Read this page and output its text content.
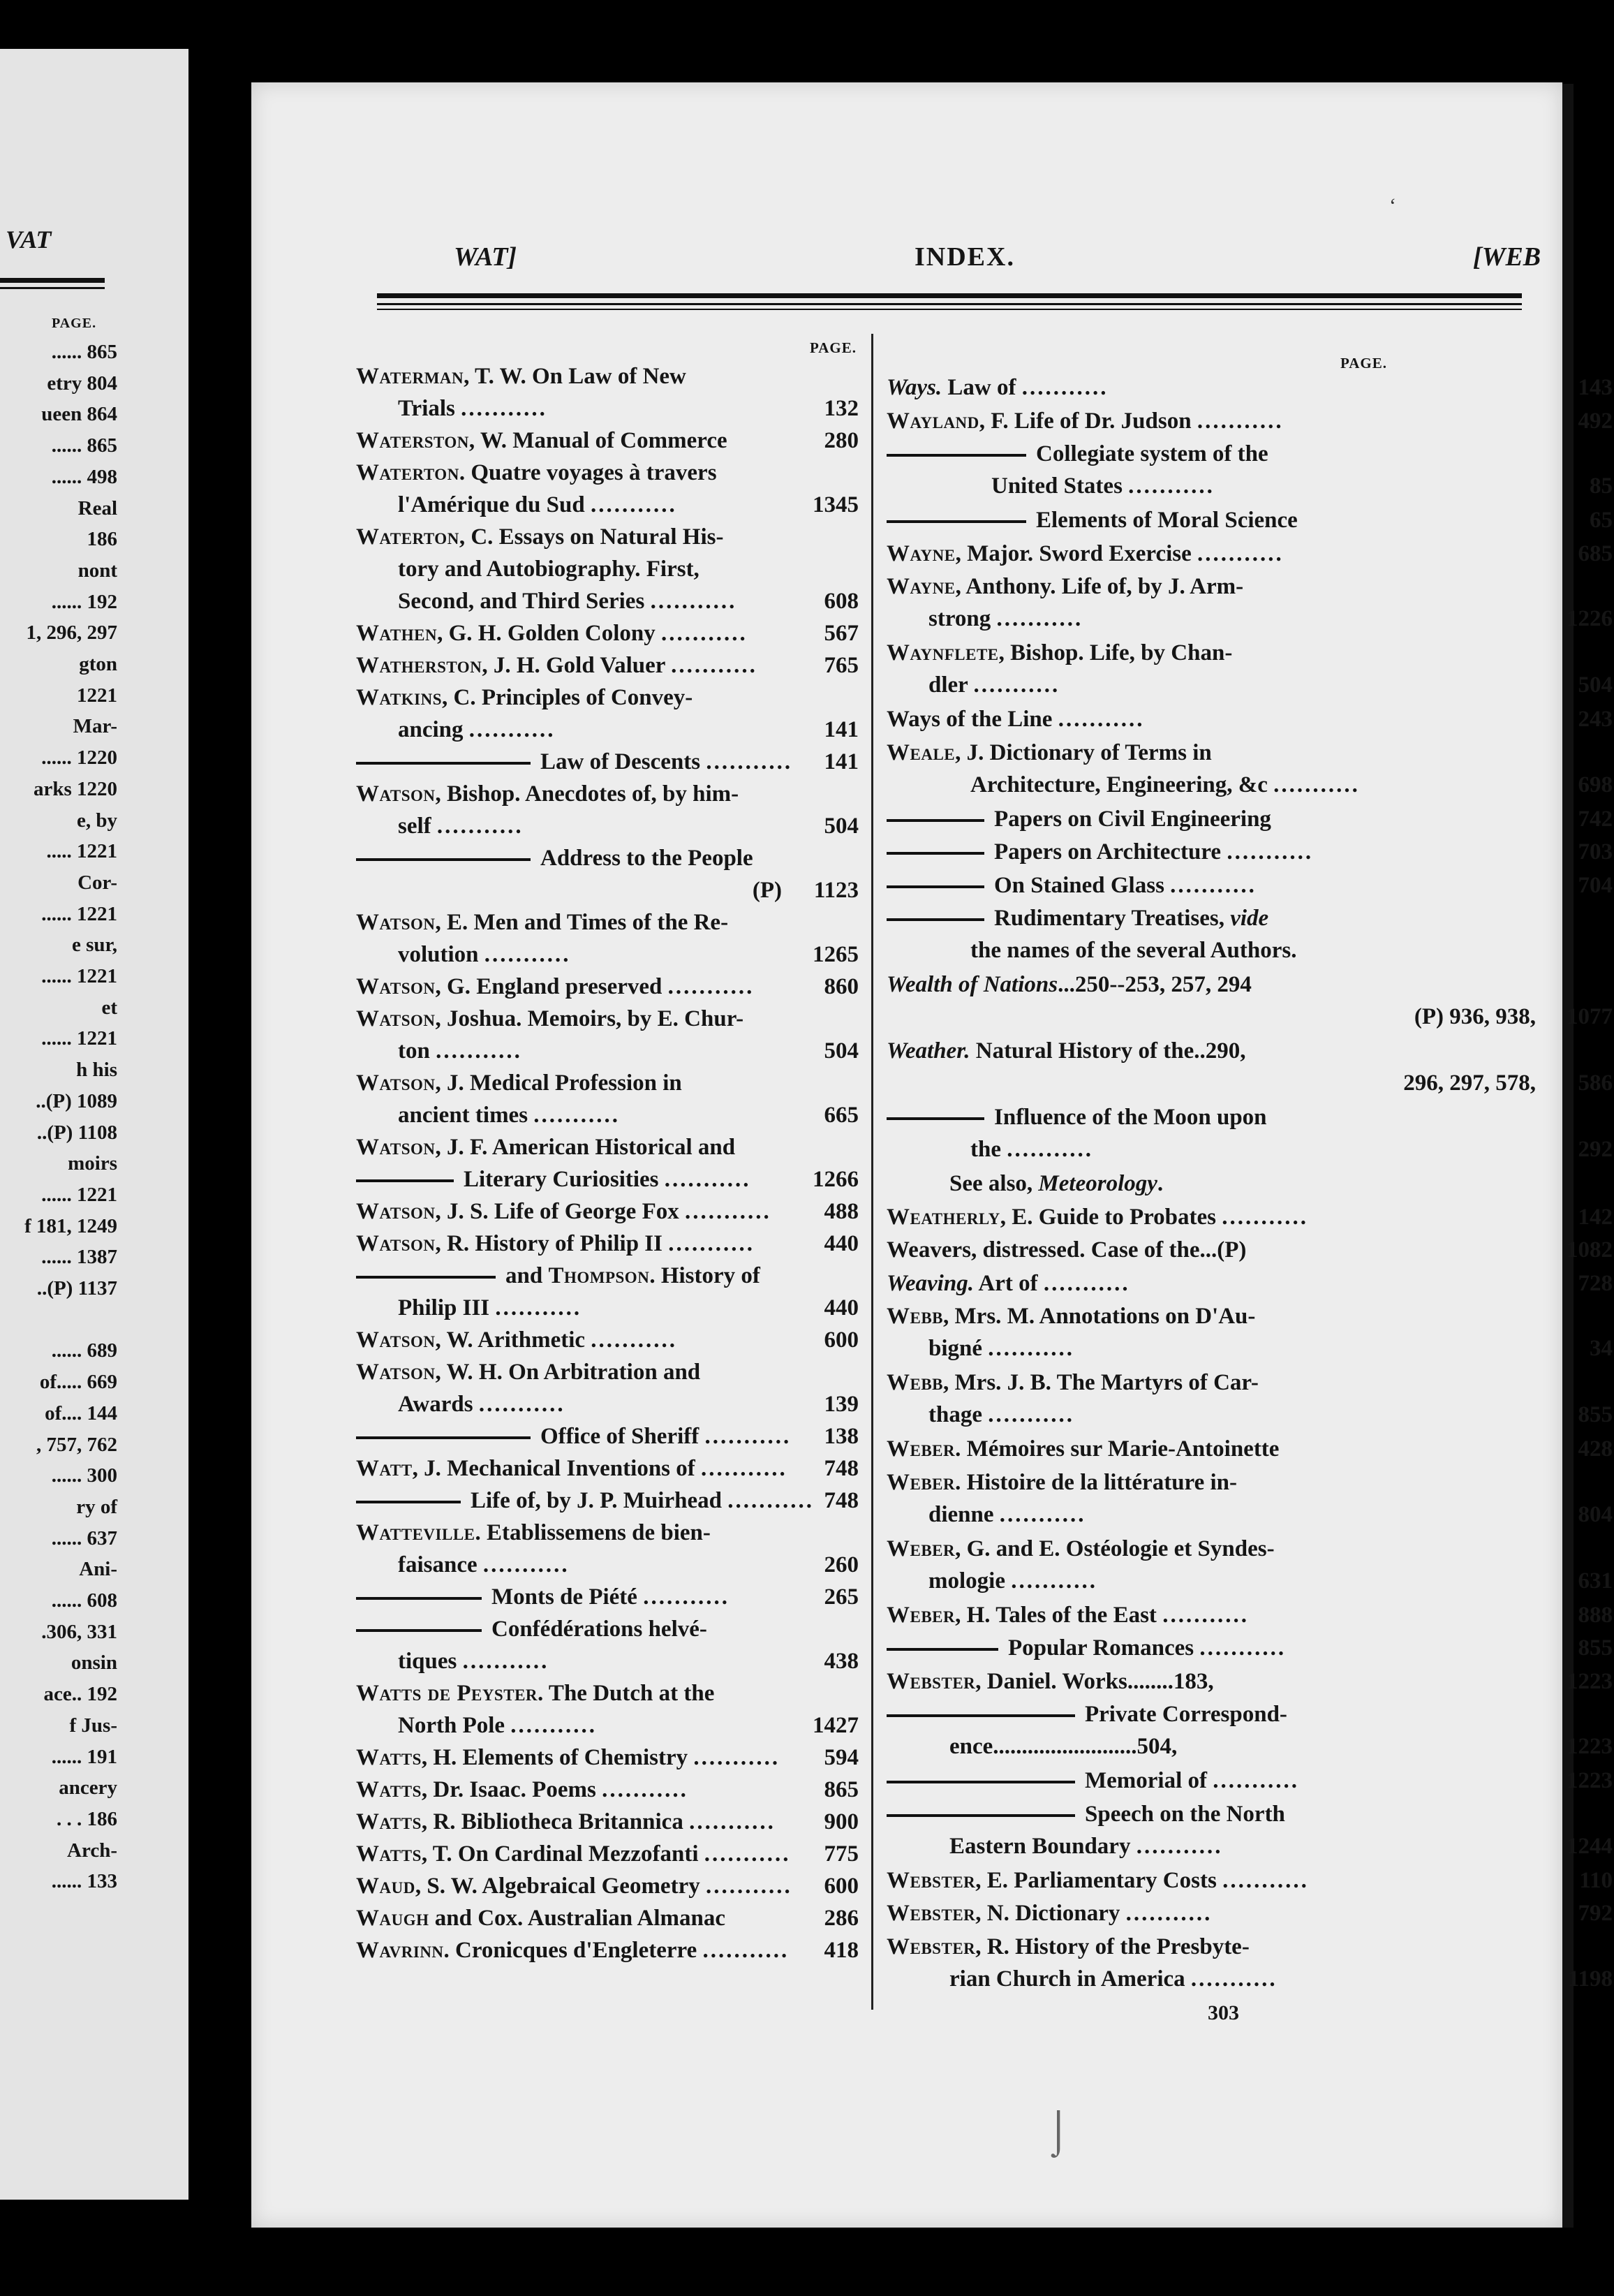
VAT
PAGE.
...... 865
etry 804
ueen 864
...... 865
...... 498
Real
186
nont
...... 192
1, 296, 297
gton
1221
Mar-
...... 1220
arks 1220
e, by
..... 1221
Cor-
...... 1221
e sur,
...... 1221
et
...... 1221
h his
..(P) 1089
..(P) 1108
moirs
...... 1221
f 181, 1249
...... 1387
..(P) 1137
...... 689
of..... 669
of.... 144
, 757, 762
...... 300
ry of
...... 637
Ani-
...... 608
.306, 331
onsin
ace.. 192
f Jus-
...... 191
ancery
. . . 186
Arch-
...... 133
WAT]	INDEX.	[WEB
PAGE.
PAGE.
Waterman, T. W. On Law of New
Trials ...........	132
Waterston, W. Manual of Commerce	280
Waterton. Quatre voyages à travers
l'Amérique du Sud ...........	1345
Waterton, C. Essays on Natural His-
tory and Autobiography. First,
Second, and Third Series ...........	608
Wathen, G. H. Golden Colony ...........	567
Watherston, J. H. Gold Valuer ...........	765
Watkins, C. Principles of Convey-
ancing ...........	141
Law of Descents ........... 141
Watson, Bishop. Anecdotes of, by him-
self ...........	504
Address to the People
(P) 1123
Watson, E. Men and Times of the Re-
volution ...........	1265
Watson, G. England preserved ...........	860
Watson, Joshua. Memoirs, by E. Chur-
ton ...........	504
Watson, J. Medical Profession in
ancient times ...........	665
Watson, J. F. American Historical and
Literary Curiosities ...........	1266
Watson, J. S. Life of George Fox ........... 488
Watson, R. History of Philip II ...........	440
and Thompson. History of
Philip III ...........	440
Watson, W. Arithmetic ...........	600
Watson, W. H. On Arbitration and
Awards ...........	139
Office of Sheriff ........... 138
Watt, J. Mechanical Inventions of ........... 748
Life of, by J. P. Muirhead ........... 748
Watteville. Etablissemens de bien-
faisance ...........	260
Monts de Piété ...........	265
Confédérations helvé-
tiques ...........	438
Watts de Peyster. The Dutch at the
North Pole ...........	1427
Watts, H. Elements of Chemistry ........... 594
Watts, Dr. Isaac. Poems ...........	865
Watts, R. Bibliotheca Britannica ........... 900
Watts, T. On Cardinal Mezzofanti ........... 775
Waud, S. W. Algebraical Geometry ........... 600
Waugh and Cox. Australian Almanac	286
Wavrinn. Cronicques d'Engleterre ........... 418
Ways. Law of ...........	143
Wayland, F. Life of Dr. Judson ...........	492
Collegiate system of the
United States ...........	85
Elements of Moral Science	65
Wayne, Major. Sword Exercise ...........	685
Wayne, Anthony. Life of, by J. Arm-
strong ...........	1226
Waynflete, Bishop. Life, by Chan-
dler ...........	504
Ways of the Line ...........	243
Weale, J. Dictionary of Terms in
Architecture, Engineering, &c ...........	698
Papers on Civil Engineering	742
Papers on Architecture ...........	703
On Stained Glass ...........	704
Rudimentary Treatises, vide
the names of the several Authors.
Wealth of Nations...250--253, 257, 294
(P) 936, 938, 1077
Weather. Natural History of the..290,
296, 297, 578, 586
Influence of the Moon upon
the ...........	292
See also, Meteorology.
Weatherly, E. Guide to Probates ...........	142
Weavers, distressed. Case of the...(P)	1082
Weaving. Art of ...........	728
Webb, Mrs. M. Annotations on D'Au-
bigné ...........	34
Webb, Mrs. J. B. The Martyrs of Car-
thage ...........	855
Weber. Mémoires sur Marie-Antoinette	428
Weber. Histoire de la littérature in-
dienne ...........	804
Weber, G. and E. Ostéologie et Syndes-
mologie ...........	631
Weber, H. Tales of the East ...........	888
Popular Romances ...........	855
Webster, Daniel. Works........183,	1223
Private Correspond-
ence.........................504,	1223
Memorial of ...........	1223
Speech on the North
Eastern Boundary ...........	1244
Webster, E. Parliamentary Costs ...........	110
Webster, N. Dictionary ...........	792
Webster, R. History of the Presbyte-
rian Church in America ...........	1198
‘
⌡
303
